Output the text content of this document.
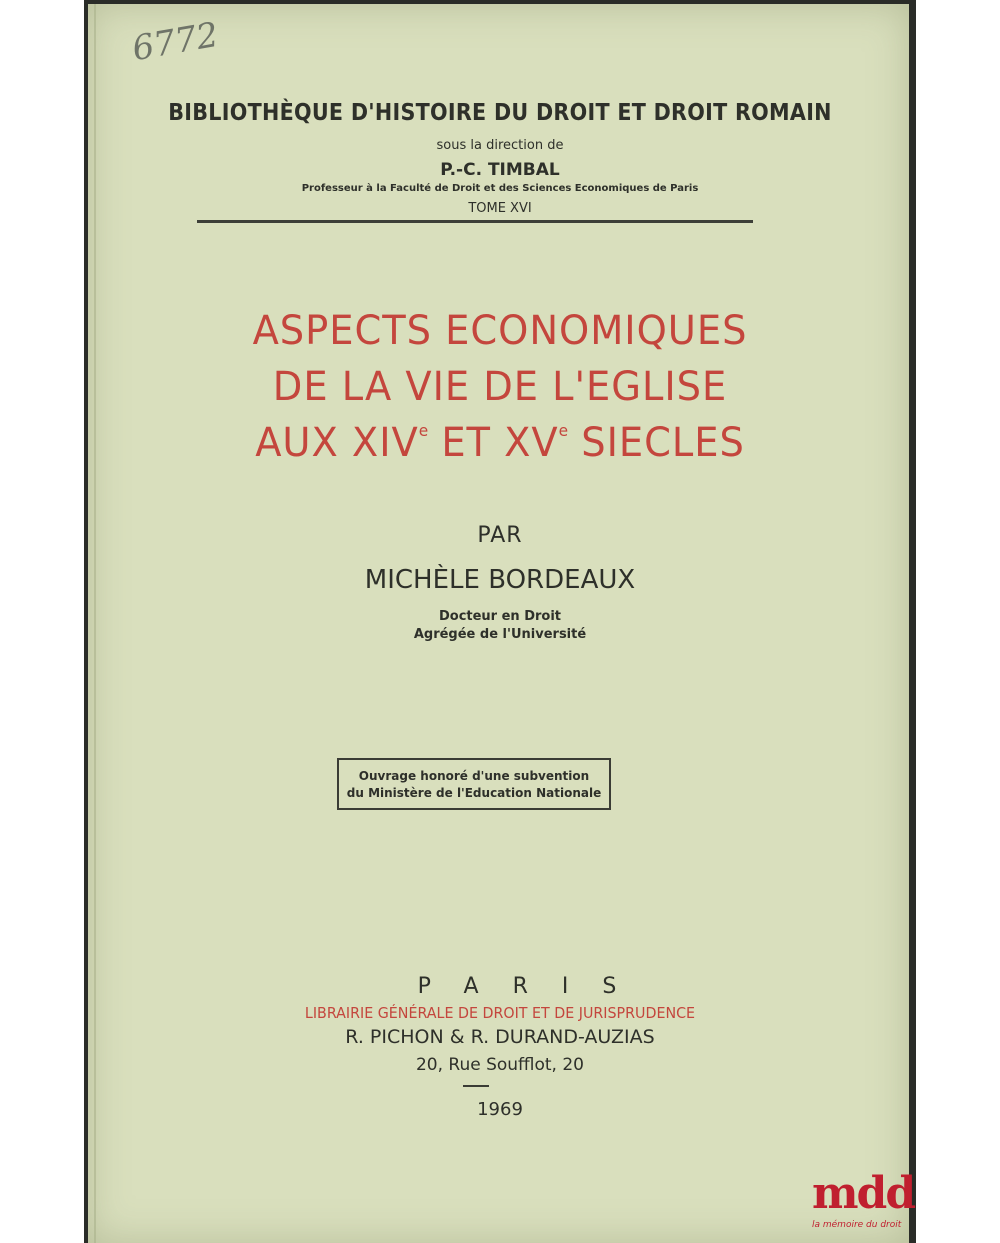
6772
BIBLIOTHÈQUE D'HISTOIRE DU DROIT ET DROIT ROMAIN
sous la direction de
P.-C. TIMBAL
Professeur à la Faculté de Droit et des Sciences Economiques de Paris
TOME XVI
ASPECTS ECONOMIQUES
DE LA VIE DE L'EGLISE
AUX XIVe ET XVe SIECLES
PAR
MICHÈLE BORDEAUX
Docteur en Droit
Agrégée de l'Université
Ouvrage honoré d'une subvention
du Ministère de l'Education Nationale
PARIS
LIBRAIRIE GÉNÉRALE DE DROIT ET DE JURISPRUDENCE
R. PICHON & R. DURAND-AUZIAS
20, Rue Soufflot, 20
1969
mdd
la mémoire du droit
